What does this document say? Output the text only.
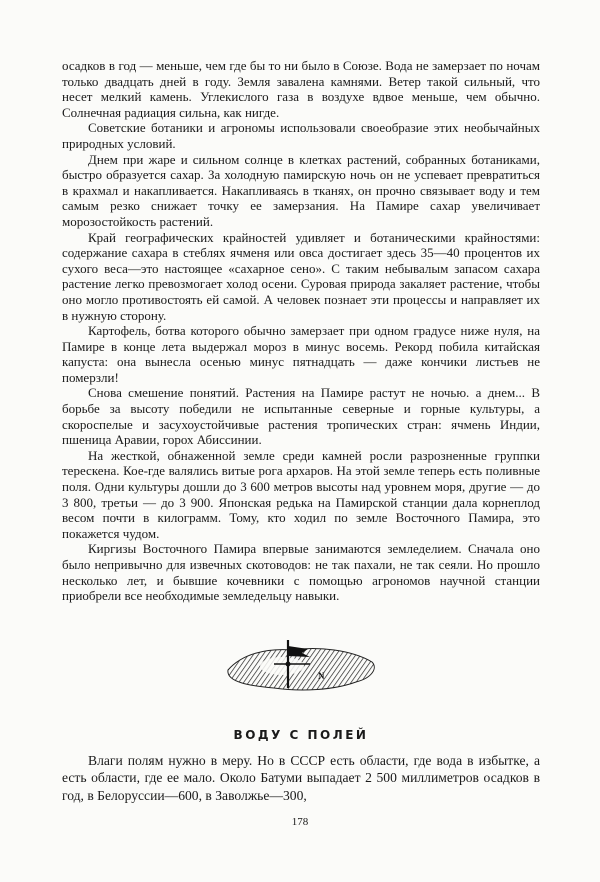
осадков в год — меньше, чем где бы то ни было в Союзе. Вода не замерзает по ночам только двадцать дней в году. Земля завалена камнями. Ветер такой сильный, что несет мелкий камень. Углекислого газа в воздухе вдвое меньше, чем обычно. Солнечная радиация сильна, как нигде.

Советские ботаники и агрономы использовали своеобразие этих необычайных природных условий.

Днем при жаре и сильном солнце в клетках растений, собранных ботаниками, быстро образуется сахар. За холодную памирскую ночь он не успевает превратиться в крахмал и накапливается. Накапливаясь в тканях, он прочно связывает воду и тем самым резко снижает точку ее замерзания. На Памире сахар увеличивает морозостойкость растений.

Край географических крайностей удивляет и ботаническими крайностями: содержание сахара в стеблях ячменя или овса достигает здесь 35—40 процентов их сухого веса—это настоящее «сахарное сено». С таким небывалым запасом сахара растение легко превозмогает холод осени. Суровая природа закаляет растение, чтобы оно могло противостоять ей самой. А человек познает эти процессы и направляет их в нужную сторону.

Картофель, ботва которого обычно замерзает при одном градусе ниже нуля, на Памире в конце лета выдержал мороз в минус восемь. Рекорд побила китайская капуста: она вынесла осенью минус пятнадцать — даже кончики листьев не померзли!

Снова смешение понятий. Растения на Памире растут не ночью. а днем... В борьбе за высоту победили не испытанные северные и горные культуры, а скороспелые и засухоустойчивые растения тропических стран: ячмень Индии, пшеница Аравии, горох Абиссинии.

На жесткой, обнаженной земле среди камней росли разрозненные группки терескена. Кое-где валялись витые рога архаров. На этой земле теперь есть поливные поля. Одни культуры дошли до 3 600 метров высоты над уровнем моря, другие — до 3 800, третьи — до 3 900. Японская редька на Памирской станции дала корнеплод весом почти в килограмм. Тому, кто ходил по земле Восточного Памира, это покажется чудом.

Киргизы Восточного Памира впервые занимаются земледелием. Сначала оно было непривычно для извечных скотоводов: не так пахали, не так сеяли. Но прошло несколько лет, и бывшие кочевники с помощью агрономов научной станции приобрели все необходимые земледельцу навыки.

N
ВОДУ С ПОЛЕЙ

Влаги полям нужно в меру. Но в СССР есть области, где вода в избытке, а есть области, где ее мало. Около Батуми выпадает 2 500 миллиметров осадков в год, в Белоруссии—600, в Заволжье—300,

178
